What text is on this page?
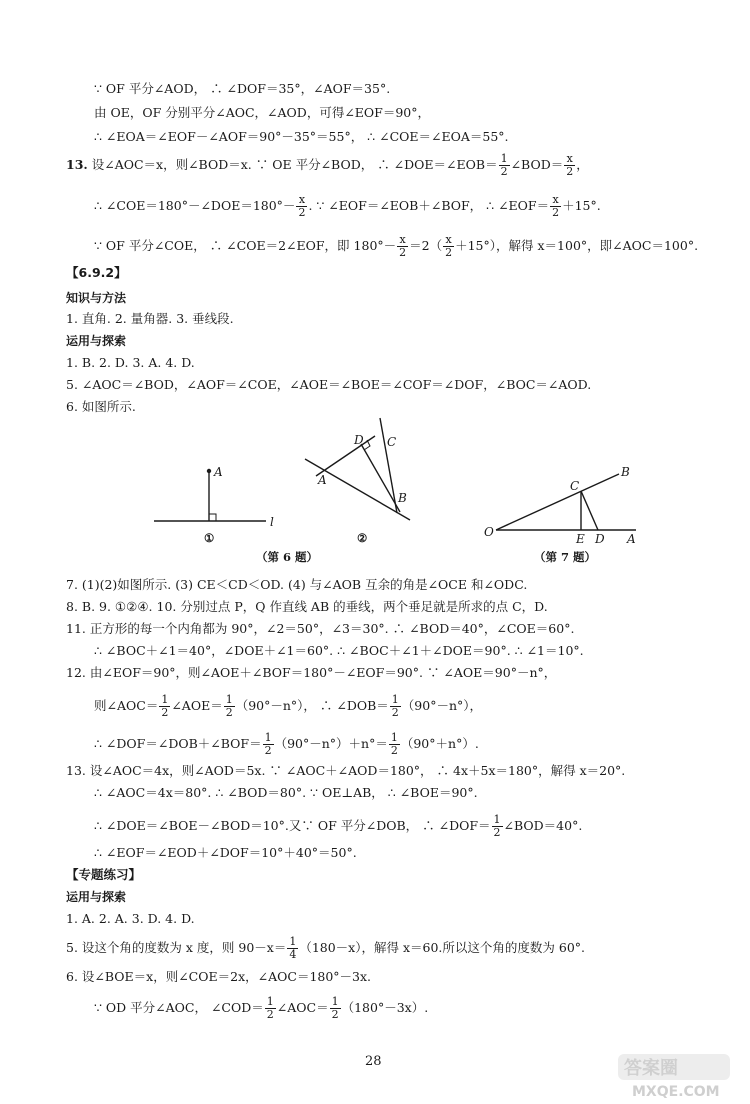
∵ OF 平分∠AOD， ∴ ∠DOF＝35°，∠AOF＝35°.
由 OE，OF 分别平分∠AOC，∠AOD，可得∠EOF＝90°，
∴ ∠EOA＝∠EOF－∠AOF＝90°－35°＝55°， ∴ ∠COE＝∠EOA＝55°.
13. 设∠AOC＝x，则∠BOD＝x. ∵ OE 平分∠BOD， ∴ ∠DOE＝∠EOB＝ $\frac{1}{2}$ ∠BOD＝ $\frac{x}{2}$ ，
∴ ∠COE＝180°－∠DOE＝180°－ $\frac{x}{2}$ . ∵ ∠EOF＝∠EOB＋∠BOF， ∴ ∠EOF＝ $\frac{x}{2} +15^\circ$.
∵ OF 平分∠COE， ∴ ∠COE＝2∠EOF，即 $180^\circ- \frac{x}{2} =2( \frac{x}{2} +15^\circ)$，解得 x＝100°，即∠AOC＝100°.
【6.9.2】
知识与方法
1. 直角. 2. 量角器. 3. 垂线段.
运用与探索
1. B. 2. D. 3. A. 4. D.
5. ∠AOC＝∠BOD，∠AOF＝∠COE，∠AOE＝∠BOE＝∠COF＝∠DOF，∠BOC＝∠AOD.
6. 如图所示.
A
l
①
D C
A
B
②	O
C
B
E D A
（第 6 题）	（第 7 题）
7. (1)(2)如图所示. (3) CE＜CD＜OD. (4) 与∠AOB 互余的角是∠OCE 和∠ODC.
8. B. 9. ①②④. 10. 分别过点 P，Q 作直线 AB 的垂线，两个垂足就是所求的点 C，D.
11. 正方形的每一个内角都为 90°，∠2＝50°，∠3＝30°. ∴ ∠BOD＝40°，∠COE＝60°.
∴ ∠BOC＋∠1＝40°，∠DOE＋∠1＝60°. ∴ ∠BOC＋∠1＋∠DOE＝90°. ∴ ∠1＝10°.
12. 由∠EOF＝90°，则∠AOE＋∠BOF＝180°－∠EOF＝90°. ∵ ∠AOE＝90°－n°，
则∠AOC＝ $\frac{1}{2}$ ∠AOE＝ $\frac{1}{2} (90^\circ-n^\circ)$， ∴ ∠DOB＝ $\frac{1}{2} (90^\circ-n^\circ)$，
∴ ∠DOF＝∠DOB＋∠BOF＝ $\frac{1}{2} (90^\circ-n^\circ)+n^\circ= \frac{1}{2} (90^\circ+n^\circ)$.
13. 设∠AOC＝4x，则∠AOD＝5x. ∵ ∠AOC＋∠AOD＝180°， ∴ 4x＋5x＝180°，解得 x＝20°.
∴ ∠AOC＝4x＝80°. ∴ ∠BOD＝80°. ∵ OE⊥AB， ∴ ∠BOE＝90°.
∴ ∠DOE＝∠BOE－∠BOD＝10°.又∵ OF 平分∠DOB， ∴ ∠DOF＝ $\frac{1}{2}$ ∠BOD＝40°.
∴ ∠EOF＝∠EOD＋∠DOF＝10°＋40°＝50°.
【专题练习】
运用与探索
1. A. 2. A. 3. D. 4. D.
5. 设这个角的度数为 x 度，则 $90-x= \frac{1}{4} (180-x)$，解得 x＝60.所以这个角的度数为 60°.
6. 设∠BOE＝x，则∠COE＝2x，∠AOC＝180°－3x.
∵ OD 平分∠AOC， ∠COD＝ $\frac{1}{2}$ ∠AOC＝ $\frac{1}{2} (180^\circ-3x)$.
28	答案圈
MXQE.COM
